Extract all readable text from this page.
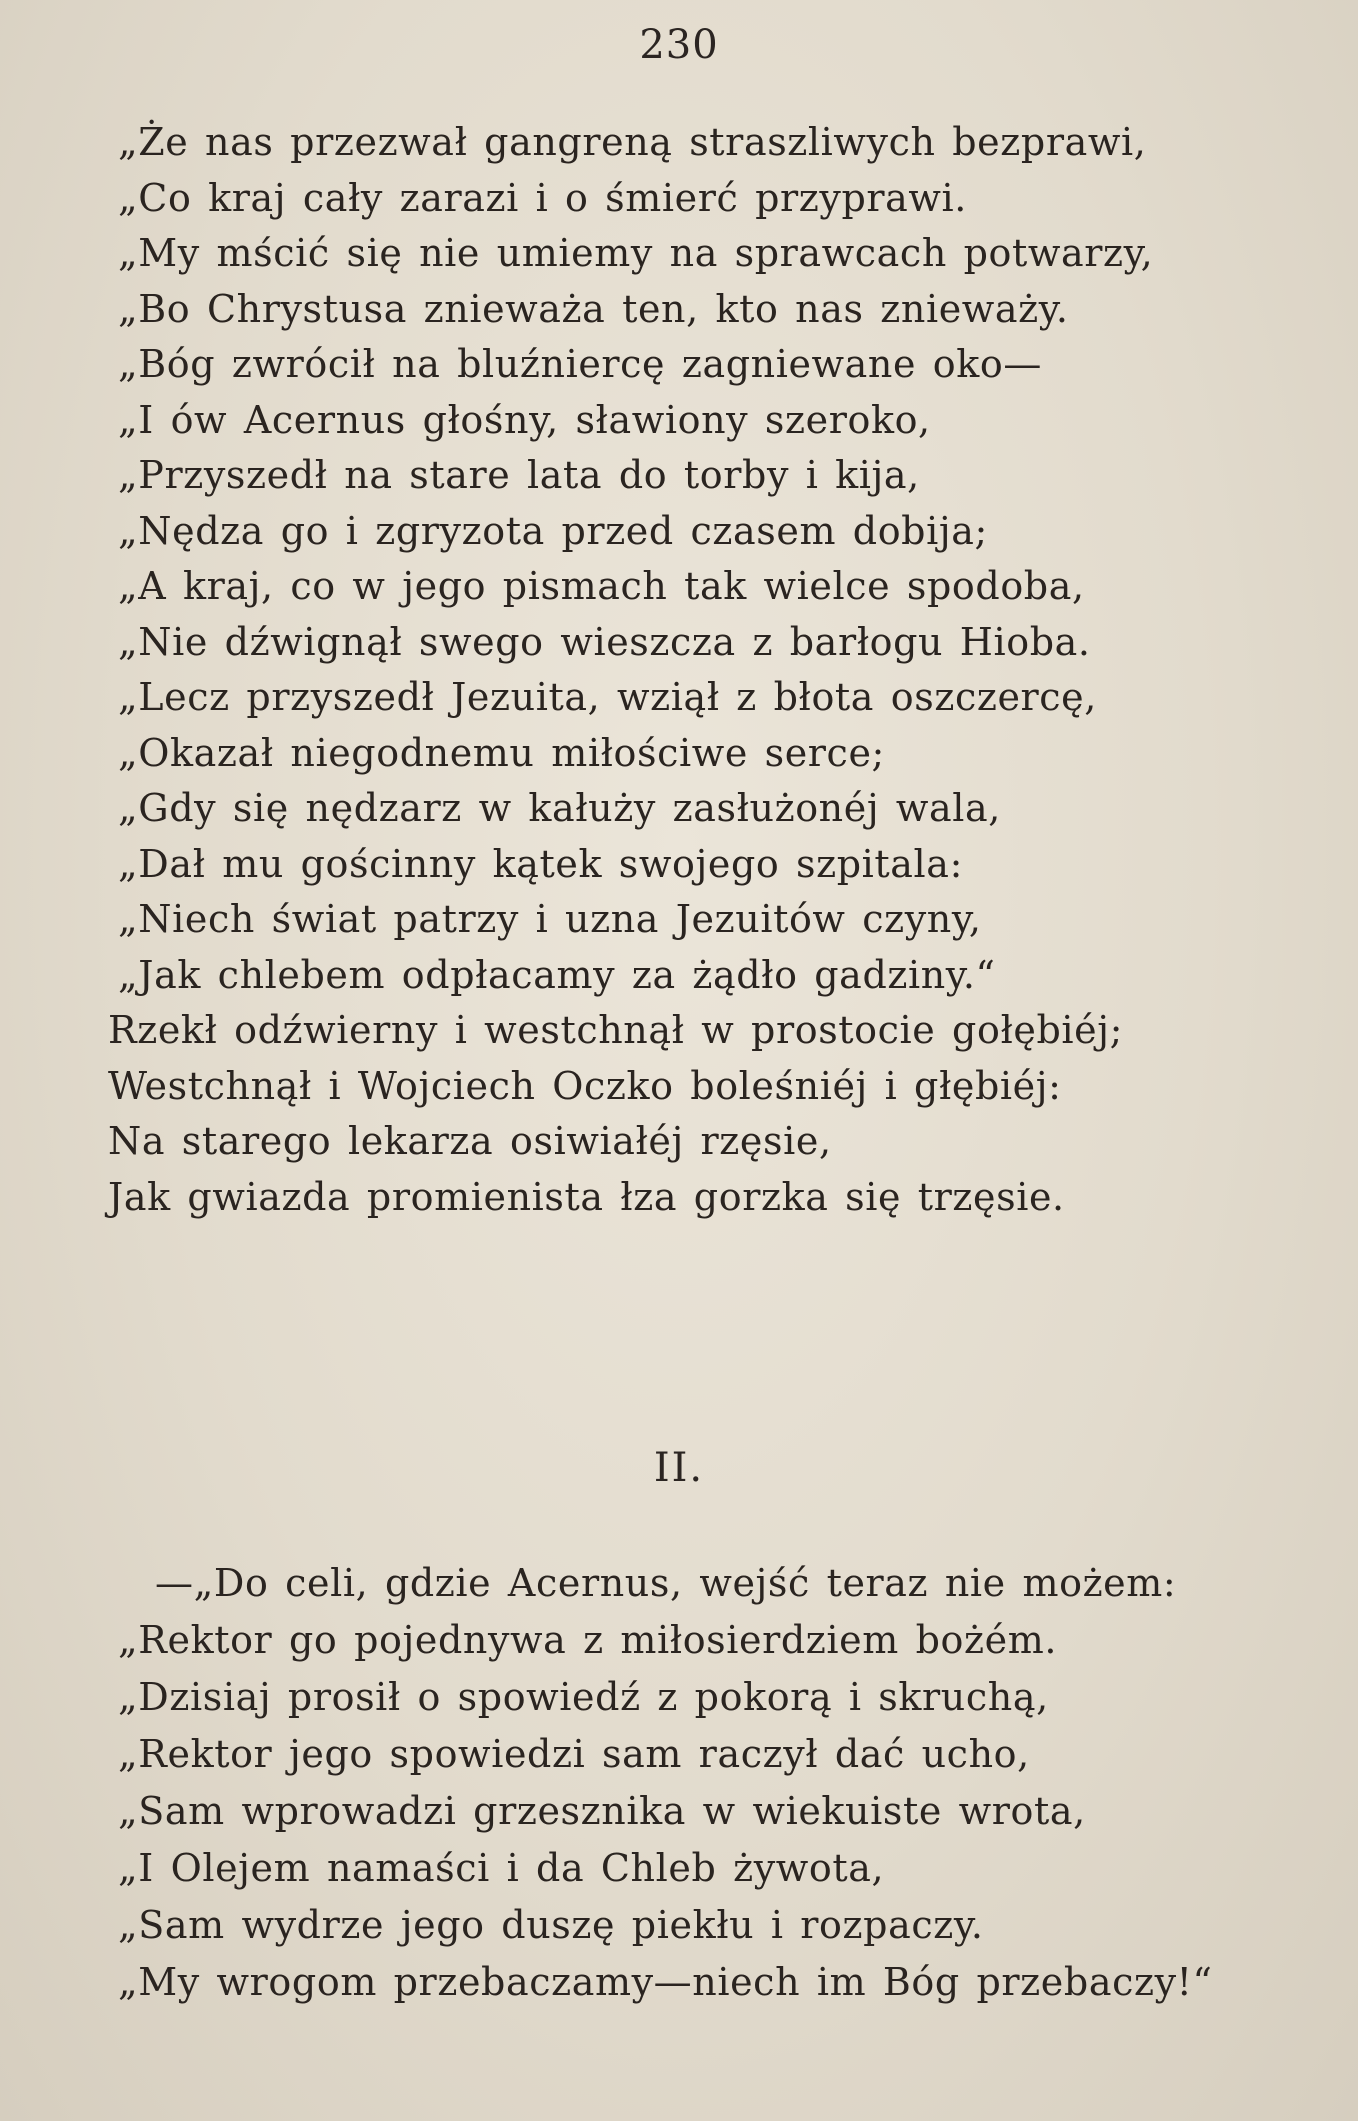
230
„Że nas przezwał gangreną straszliwych bezprawi,
„Co kraj cały zarazi i o śmierć przyprawi.
„My mścić się nie umiemy na sprawcach potwarzy,
„Bo Chrystusa znieważa ten, kto nas znieważy.
„Bóg zwrócił na bluźniercę zagniewane oko—
„I ów Acernus głośny, sławiony szeroko,
„Przyszedł na stare lata do torby i kija,
„Nędza go i zgryzota przed czasem dobija;
„A kraj, co w jego pismach tak wielce spodoba,
„Nie dźwignął swego wieszcza z barłogu Hioba.
„Lecz przyszedł Jezuita, wziął z błota oszczercę,
„Okazał niegodnemu miłościwe serce;
„Gdy się nędzarz w kałuży zasłużonéj wala,
„Dał mu gościnny kątek swojego szpitala:
„Niech świat patrzy i uzna Jezuitów czyny,
„Jak chlebem odpłacamy za żądło gadziny.“
Rzekł odźwierny i westchnął w prostocie gołębiéj;
Westchnął i Wojciech Oczko boleśniéj i głębiéj:
Na starego lekarza osiwiałéj rzęsie,
Jak gwiazda promienista łza gorzka się trzęsie.
II.
—„Do celi, gdzie Acernus, wejść teraz nie możem:
„Rektor go pojednywa z miłosierdziem bożém.
„Dzisiaj prosił o spowiedź z pokorą i skruchą,
„Rektor jego spowiedzi sam raczył dać ucho,
„Sam wprowadzi grzesznika w wiekuiste wrota,
„I Olejem namaści i da Chleb żywota,
„Sam wydrze jego duszę piekłu i rozpaczy.
„My wrogom przebaczamy—niech im Bóg przebaczy!“
